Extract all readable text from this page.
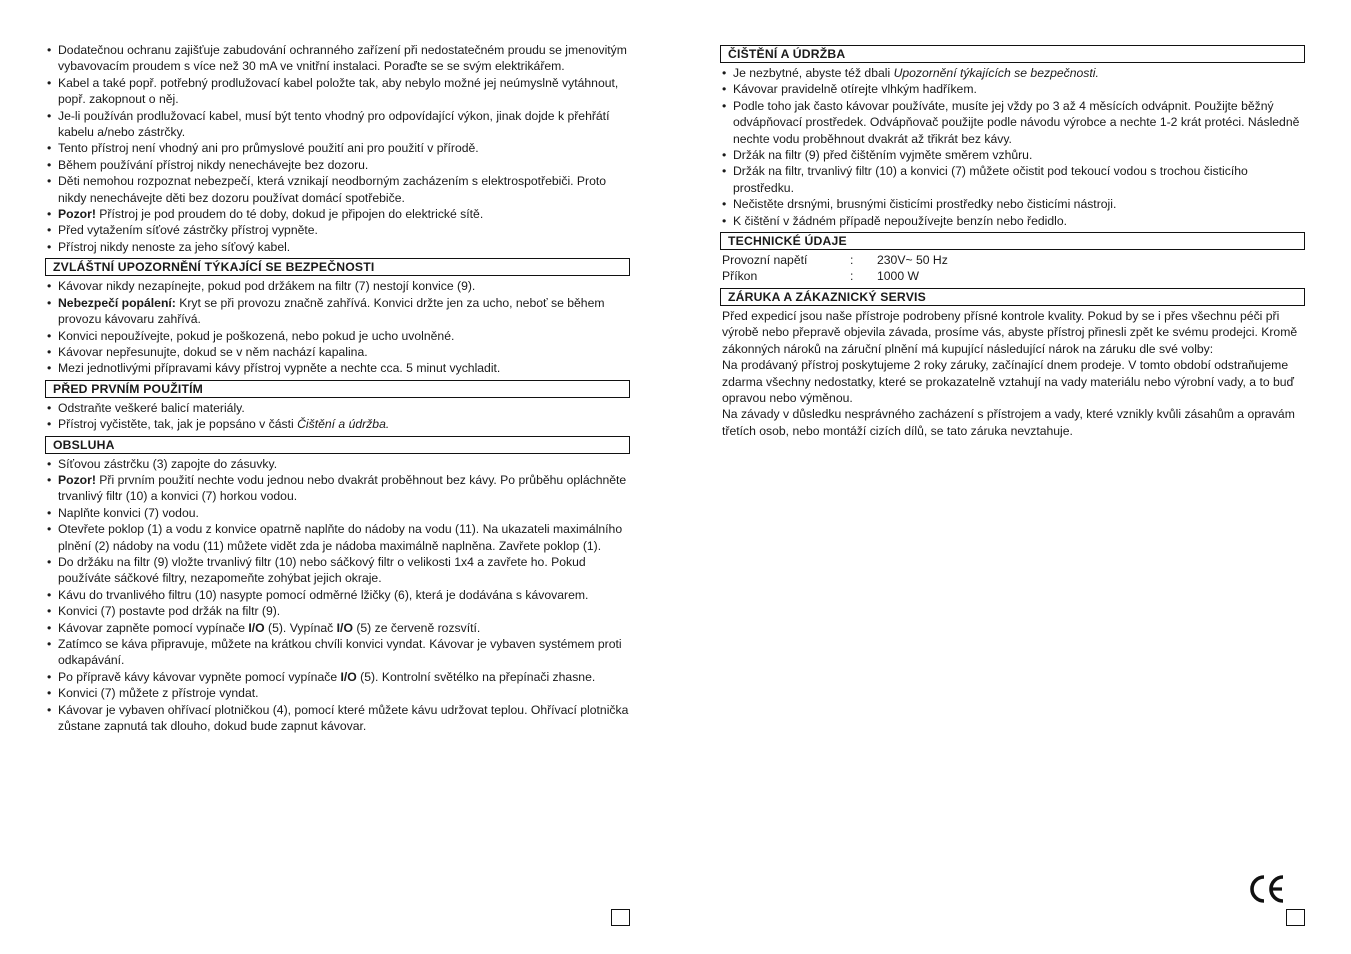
• Dodatečnou ochranu zajišťuje zabudování ochranného zařízení při nedostatečném proudu se jmenovitým vybavovacím proudem s více než 30 mA ve vnitřní instalaci. Poraďte se se svým elektrikářem.
• Kabel a také popř. potřebný prodlužovací kabel položte tak, aby nebylo možné jej neúmyslně vytáhnout, popř. zakopnout o něj.
• Je-li používán prodlužovací kabel, musí být tento vhodný pro odpovídající výkon, jinak dojde k přehřátí kabelu a/nebo zástrčky.
• Tento přístroj není vhodný ani pro průmyslové použití ani pro použití v přírodě.
• Během používání přístroj nikdy nenechávejte bez dozoru.
• Děti nemohou rozpoznat nebezpečí, která vznikají neodborným zacházením s elektrospotřebiči. Proto nikdy nenechávejte děti bez dozoru používat domácí spotřebiče.
• Pozor! Přístroj je pod proudem do té doby, dokud je připojen do elektrické sítě.
• Před vytažením síťové zástrčky přístroj vypněte.
• Přístroj nikdy nenoste za jeho síťový kabel.
ZVLÁŠTNÍ UPOZORNĚNÍ TÝKAJÍCÍ SE BEZPEČNOSTI
• Kávovar nikdy nezapínejte, pokud pod držákem na filtr (7) nestojí konvice (9).
• Nebezpečí popálení: Kryt se při provozu značně zahřívá. Konvici držte jen za ucho, neboť se během provozu kávovaru zahřívá.
• Konvici nepoužívejte, pokud je poškozená, nebo pokud je ucho uvolněné.
• Kávovar nepřesunujte, dokud se v něm nachází kapalina.
• Mezi jednotlivými přípravami kávy přístroj vypněte a nechte cca. 5 minut vychladit.
PŘED PRVNÍM POUŽITÍM
• Odstraňte veškeré balicí materiály.
• Přístroj vyčistěte, tak, jak je popsáno v části Čištění a údržba.
OBSLUHA
• Síťovou zástrčku (3) zapojte do zásuvky.
• Pozor! Při prvním použití nechte vodu jednou nebo dvakrát proběhnout bez kávy. Po průběhu opláchněte trvanlivý filtr (10) a konvici (7) horkou vodou.
• Naplňte konvici (7) vodou.
• Otevřete poklop (1) a vodu z konvice opatrně naplňte do nádoby na vodu (11). Na ukazateli maximálního plnění (2) nádoby na vodu (11) můžete vidět zda je nádoba maximálně naplněna. Zavřete poklop (1).
• Do držáku na filtr (9) vložte trvanlivý filtr (10) nebo sáčkový filtr o velikosti 1x4 a zavřete ho. Pokud používáte sáčkové filtry, nezapomeňte zohýbat jejich okraje.
• Kávu do trvanlivého filtru (10) nasypte pomocí odměrné lžičky (6), která je dodávána s kávovarem.
• Konvici (7) postavte pod držák na filtr (9).
• Kávovar zapněte pomocí vypínače I/O (5). Vypínač I/O (5) ze červeně rozsvítí.
• Zatímco se káva připravuje, můžete na krátkou chvíli konvici vyndat. Kávovar je vybaven systémem proti odkapávání.
• Po přípravě kávy kávovar vypněte pomocí vypínače I/O (5). Kontrolní světélko na přepínači zhasne.
• Konvici (7) můžete z přístroje vyndat.
• Kávovar je vybaven ohřívací plotničkou (4), pomocí které můžete kávu udržovat teplou. Ohřívací plotnička zůstane zapnutá tak dlouho, dokud bude zapnut kávovar.
ČIŠTĚNÍ A ÚDRŽBA
• Je nezbytné, abyste též dbali Upozornění týkajících se bezpečnosti.
• Kávovar pravidelně otírejte vlhkým hadříkem.
• Podle toho jak často kávovar používáte, musíte jej vždy po 3 až 4 měsících odvápnit. Použijte běžný odvápňovací prostředek. Odvápňovač použijte podle návodu výrobce a nechte 1-2 krát protéci. Následně nechte vodu proběhnout dvakrát až třikrát bez kávy.
• Držák na filtr (9) před čištěním vyjměte směrem vzhůru.
• Držák na filtr, trvanlivý filtr (10) a konvici (7) můžete očistit pod tekoucí vodou s trochou čisticího prostředku.
• Nečistěte drsnými, brusnými čisticími prostředky nebo čisticími nástroji.
• K čištění v žádném případě nepoužívejte benzín nebo ředidlo.
TECHNICKÉ ÚDAJE
Provozní napětí	:	230V~ 50 Hz
Příkon	:	1000 W
ZÁRUKA A ZÁKAZNICKÝ SERVIS
Před expedicí jsou naše přístroje podrobeny přísné kontrole kvality. Pokud by se i přes všechnu péči při výrobě nebo přepravě objevila závada, prosíme vás, abyste přístroj přinesli zpět ke svému prodejci. Kromě zákonných nároků na záruční plnění má kupující následující nárok na záruku dle své volby:
Na prodávaný přístroj poskytujeme 2 roky záruky, začínající dnem prodeje. V tomto období odstraňujeme zdarma všechny nedostatky, které se prokazatelně vztahují na vady materiálu nebo výrobní vady, a to buď opravou nebo výměnou.
Na závady v důsledku nesprávného zacházení s přístrojem a vady, které vznikly kvůli zásahům a opravám třetích osob, nebo montáží cizích dílů, se tato záruka nevztahuje.
